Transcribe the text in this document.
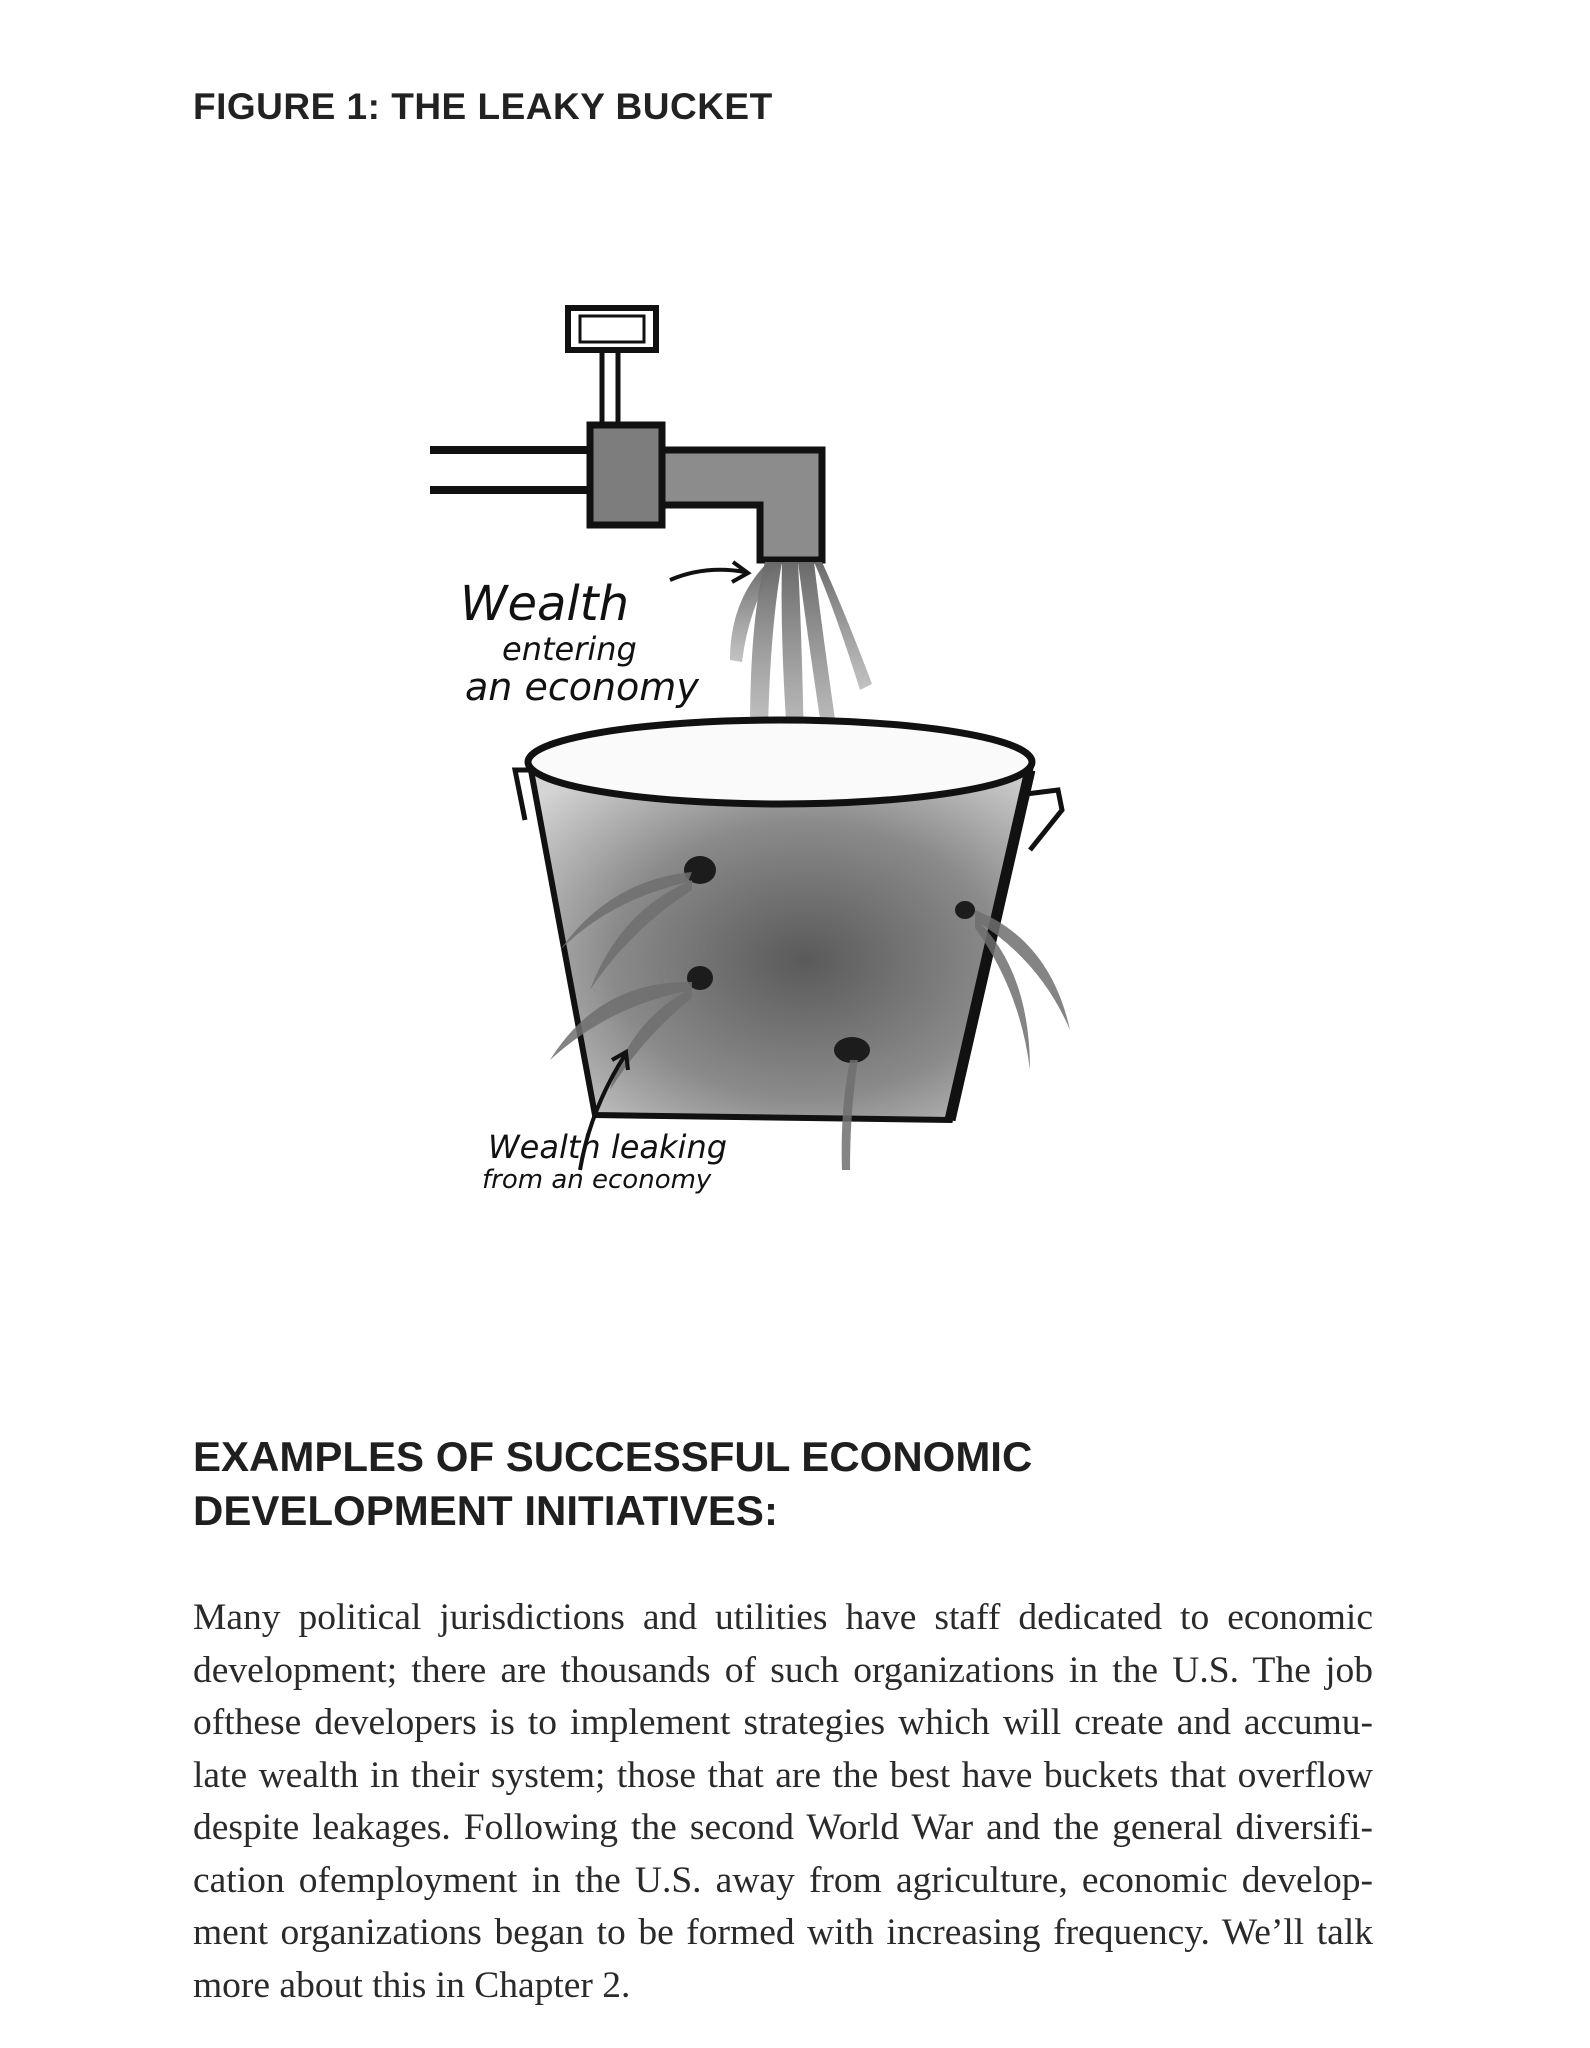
FIGURE 1: THE LEAKY BUCKET
Wealth
entering
an economy
Wealth leaking
from an economy
EXAMPLES OF SUCCESSFUL ECONOMIC
DEVELOPMENT INITIATIVES:
Many political jurisdictions and utilities have staff dedicated to economic
development; there are thousands of such organizations in the U.S. The job
ofthese developers is to implement strategies which will create and accumu-
late wealth in their system; those that are the best have buckets that overflow
despite leakages. Following the second World War and the general diversifi-
cation ofemployment in the U.S. away from agriculture, economic develop-
ment organizations began to be formed with increasing frequency. We’ll talk
more about this in Chapter 2.
